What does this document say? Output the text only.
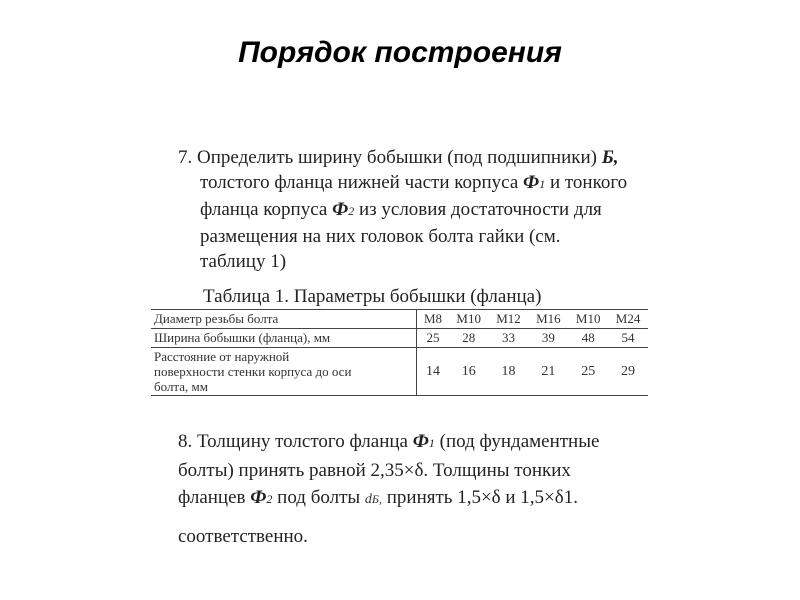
Порядок построения
7. Определить ширину бобышки (под подшипники) Б,
толстого фланца нижней части корпуса Ф1 и тонкого
фланца корпуса Ф2 из условия достаточности для
размещения на них головок болта гайки (см.
таблицу 1)
Таблица 1. Параметры бобышки (фланца)
Диаметр резьбы болта	M8	M10	M12	M16	M10	M24
Ширина бобышки (фланца), мм	25	28	33	39	48	54

Расстояние от наружной
поверхности стенки корпуса до оси
болта, мм	14	16	18	21	25	29
8. Толщину толстого фланца Ф1 (под фундаментные
болты) принять равной 2,35×δ. Толщины тонких
фланцев Ф2 под болты dБ, принять 1,5×δ и 1,5×δ1.
соответственно.
